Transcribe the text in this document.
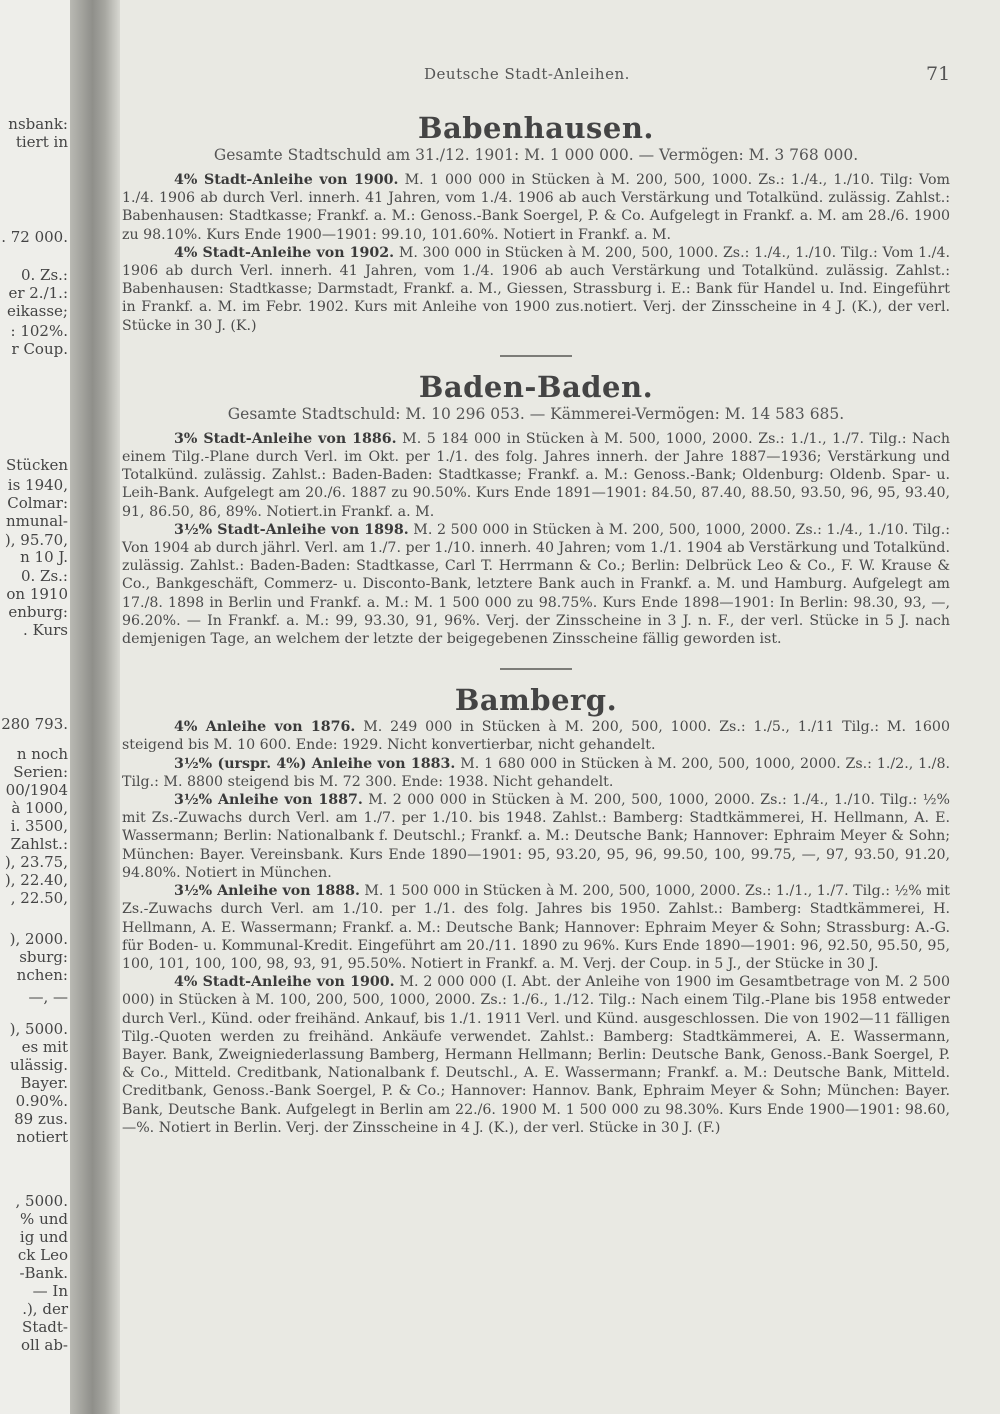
nsbank:
tiert in
. 72 000.
0. Zs.:
er 2./1.:
eikasse;
: 102%.
r Coup.
Stücken
is 1940,
Colmar:
nmunal-
), 95.70,
n 10 J.
0. Zs.:
on 1910
enburg:
. Kurs
280 793.
n noch
Serien:
00/1904
à 1000,
i. 3500,
Zahlst.:
), 23.75,
), 22.40,
, 22.50,
), 2000.
sburg:
nchen:
—, —
), 5000.
es mit
ulässig.
Bayer.
0.90%.
89 zus.
notiert
, 5000.
% und
ig und
ck Leo
-Bank.
— In
.), der
Stadt-
oll ab-
Deutsche Stadt-Anleihen.	71
Babenhausen.
Gesamte Stadtschuld am 31./12. 1901: M. 1 000 000. — Vermögen: M. 3 768 000.

4% Stadt-Anleihe von 1900. M. 1 000 000 in Stücken à M. 200, 500, 1000. Zs.: 1./4., 1./10. Tilg: Vom 1./4. 1906 ab durch Verl. innerh. 41 Jahren, vom 1./4. 1906 ab auch Verstärkung und Totalkünd. zulässig. Zahlst.: Babenhausen: Stadtkasse; Frankf. a. M.: Genoss.-Bank Soergel, P. & Co. Aufgelegt in Frankf. a. M. am 28./6. 1900 zu 98.10%. Kurs Ende 1900—1901: 99.10, 101.60%. Notiert in Frankf. a. M.

4% Stadt-Anleihe von 1902. M. 300 000 in Stücken à M. 200, 500, 1000. Zs.: 1./4., 1./10. Tilg.: Vom 1./4. 1906 ab durch Verl. innerh. 41 Jahren, vom 1./4. 1906 ab auch Verstärkung und Totalkünd. zulässig. Zahlst.: Babenhausen: Stadtkasse; Darmstadt, Frankf. a. M., Giessen, Strassburg i. E.: Bank für Handel u. Ind. Eingeführt in Frankf. a. M. im Febr. 1902. Kurs mit Anleihe von 1900 zus.notiert. Verj. der Zinsscheine in 4 J. (K.), der verl. Stücke in 30 J. (K.)

Baden-Baden.
Gesamte Stadtschuld: M. 10 296 053. — Kämmerei-Vermögen: M. 14 583 685.

3% Stadt-Anleihe von 1886. M. 5 184 000 in Stücken à M. 500, 1000, 2000. Zs.: 1./1., 1./7. Tilg.: Nach einem Tilg.-Plane durch Verl. im Okt. per 1./1. des folg. Jahres innerh. der Jahre 1887—1936; Verstärkung und Totalkünd. zulässig. Zahlst.: Baden-Baden: Stadtkasse; Frankf. a. M.: Genoss.-Bank; Oldenburg: Oldenb. Spar- u. Leih-Bank. Aufgelegt am 20./6. 1887 zu 90.50%. Kurs Ende 1891—1901: 84.50, 87.40, 88.50, 93.50, 96, 95, 93.40, 91, 86.50, 86, 89%. Notiert.in Frankf. a. M.

3½% Stadt-Anleihe von 1898. M. 2 500 000 in Stücken à M. 200, 500, 1000, 2000. Zs.: 1./4., 1./10. Tilg.: Von 1904 ab durch jährl. Verl. am 1./7. per 1./10. innerh. 40 Jahren; vom 1./1. 1904 ab Verstärkung und Totalkünd. zulässig. Zahlst.: Baden-Baden: Stadtkasse, Carl T. Herrmann & Co.; Berlin: Delbrück Leo & Co., F. W. Krause & Co., Bankgeschäft, Commerz- u. Disconto-Bank, letztere Bank auch in Frankf. a. M. und Hamburg. Aufgelegt am 17./8. 1898 in Berlin und Frankf. a. M.: M. 1 500 000 zu 98.75%. Kurs Ende 1898—1901: In Berlin: 98.30, 93, —, 96.20%. — In Frankf. a. M.: 99, 93.30, 91, 96%. Verj. der Zinsscheine in 3 J. n. F., der verl. Stücke in 5 J. nach demjenigen Tage, an welchem der letzte der beigegebenen Zinsscheine fällig geworden ist.

Bamberg.

4% Anleihe von 1876. M. 249 000 in Stücken à M. 200, 500, 1000. Zs.: 1./5., 1./11 Tilg.: M. 1600 steigend bis M. 10 600. Ende: 1929. Nicht konvertierbar, nicht gehandelt.

3½% (urspr. 4%) Anleihe von 1883. M. 1 680 000 in Stücken à M. 200, 500, 1000, 2000. Zs.: 1./2., 1./8. Tilg.: M. 8800 steigend bis M. 72 300. Ende: 1938. Nicht gehandelt.

3½% Anleihe von 1887. M. 2 000 000 in Stücken à M. 200, 500, 1000, 2000. Zs.: 1./4., 1./10. Tilg.: ½% mit Zs.-Zuwachs durch Verl. am 1./7. per 1./10. bis 1948. Zahlst.: Bamberg: Stadtkämmerei, H. Hellmann, A. E. Wassermann; Berlin: Nationalbank f. Deutschl.; Frankf. a. M.: Deutsche Bank; Hannover: Ephraim Meyer & Sohn; München: Bayer. Vereinsbank. Kurs Ende 1890—1901: 95, 93.20, 95, 96, 99.50, 100, 99.75, —, 97, 93.50, 91.20, 94.80%. Notiert in München.

3½% Anleihe von 1888. M. 1 500 000 in Stücken à M. 200, 500, 1000, 2000. Zs.: 1./1., 1./7. Tilg.: ½% mit Zs.-Zuwachs durch Verl. am 1./10. per 1./1. des folg. Jahres bis 1950. Zahlst.: Bamberg: Stadtkämmerei, H. Hellmann, A. E. Wassermann; Frankf. a. M.: Deutsche Bank; Hannover: Ephraim Meyer & Sohn; Strassburg: A.-G. für Boden- u. Kommunal-Kredit. Eingeführt am 20./11. 1890 zu 96%. Kurs Ende 1890—1901: 96, 92.50, 95.50, 95, 100, 101, 100, 100, 98, 93, 91, 95.50%. Notiert in Frankf. a. M. Verj. der Coup. in 5 J., der Stücke in 30 J.

4% Stadt-Anleihe von 1900. M. 2 000 000 (I. Abt. der Anleihe von 1900 im Gesamtbetrage von M. 2 500 000) in Stücken à M. 100, 200, 500, 1000, 2000. Zs.: 1./6., 1./12. Tilg.: Nach einem Tilg.-Plane bis 1958 entweder durch Verl., Künd. oder freihänd. Ankauf, bis 1./1. 1911 Verl. und Künd. ausgeschlossen. Die von 1902—11 fälligen Tilg.-Quoten werden zu freihänd. Ankäufe verwendet. Zahlst.: Bamberg: Stadtkämmerei, A. E. Wassermann, Bayer. Bank, Zweigniederlassung Bamberg, Hermann Hellmann; Berlin: Deutsche Bank, Genoss.-Bank Soergel, P. & Co., Mitteld. Creditbank, Nationalbank f. Deutschl., A. E. Wassermann; Frankf. a. M.: Deutsche Bank, Mitteld. Creditbank, Genoss.-Bank Soergel, P. & Co.; Hannover: Hannov. Bank, Ephraim Meyer & Sohn; München: Bayer. Bank, Deutsche Bank. Aufgelegt in Berlin am 22./6. 1900 M. 1 500 000 zu 98.30%. Kurs Ende 1900—1901: 98.60, —%. Notiert in Berlin. Verj. der Zinsscheine in 4 J. (K.), der verl. Stücke in 30 J. (F.)
